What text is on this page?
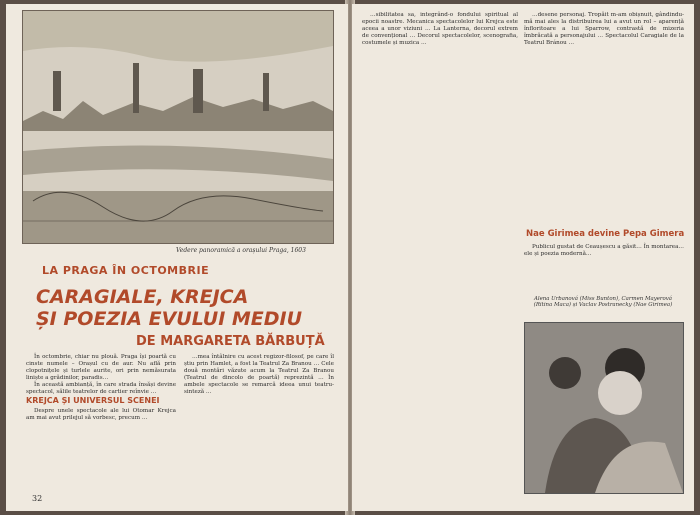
Vedere panoramică a orașului Praga, 1603
LA PRAGA ÎN OCTOMBRIE
CARAGIALE, KREJCA
ȘI POEZIA EVULUI MEDIU
DE MARGARETA BĂRBUȚĂ

În octombrie, chiar nu plouă. Praga își poartă cu cinste numele – Orașul cu de aur. Nu află prin clopotnițele și turlele aurite, ori prin nemăsurata liniște a grădinilor, paradis…

În această ambianță, în care strada însăși devine spectacol, sălile teatrelor de cartier reînvie …

KREJCA ȘI UNIVERSUL SCENEI

Despre unele spectacole ale lui Otomar Krejca am mai avut prilejul să vorbesc, precum …

…mea întâlnire cu acest regizor-filosof, pe care îl știu prin Hamlet, a fost la Teatrul Za Branou … Cele două montări văzute acum la Teatrul Za Branou (Teatrul de dincolo de poartă) reprezintă … În ambele spectacole se remarcă ideea unui teatru-sinteză …

32

…sibilitatea sa, integrând-o fondului spiritual al epocii noastre. Mecanica spectacolelor lui Krejca este aceea a unor viziuni … La Lanterna, decorul extrem de convențional … Decorul spectacolelor, scenografia, costumele și muzica …

…desene personaj. Tropăit m-am obișnuit, gândindu-mă mai ales la distribuirea lui a avut un rol – aparență înfloritoare a lui Sparrow, contrastă de mizeria îmbrăcată a personajului … Spectacolul Caragiale de la Teatrul Bránou …

Nae Girimea devine Pepa Gimera

Publicul gustat de Ceaușescu a găsit… În montarea… ele și poezia modernă…

Alena Urbanová (Miss Bunton), Carmen Mayerová (Ritina Maca) și Vaclav Postranecky (Nae Girimea)
